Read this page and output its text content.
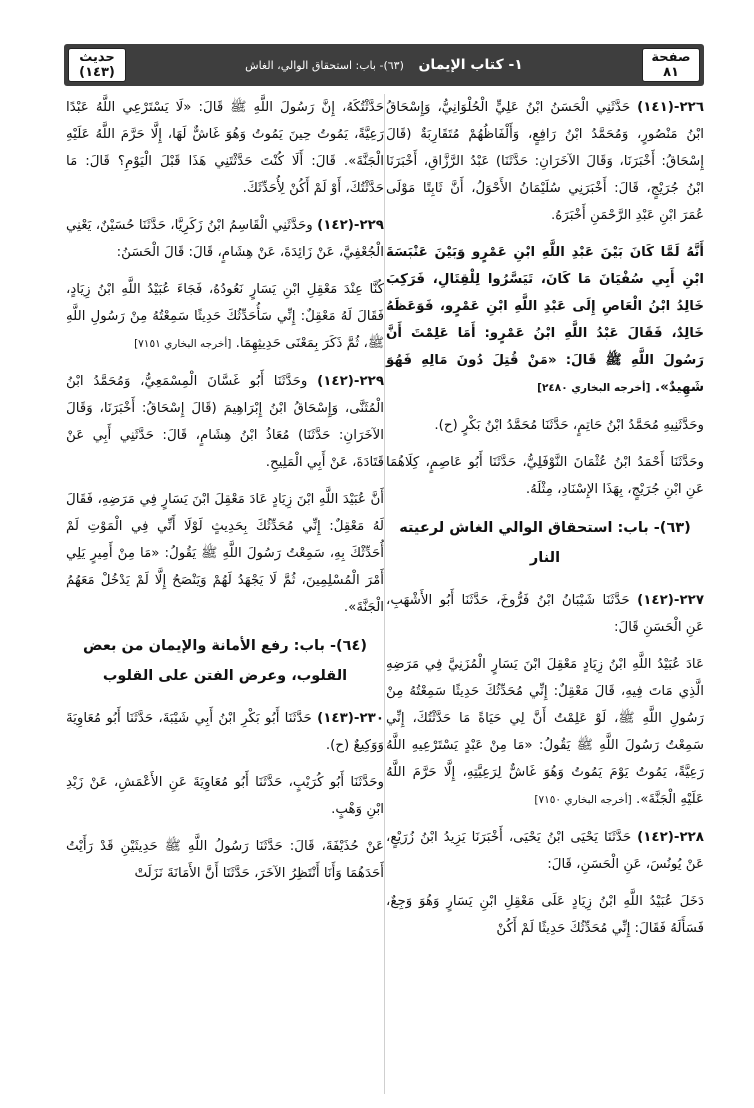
صفحة
٨١
١- كتاب الإيمان   (٦٣)- باب: استحقاق الوالي، الغاش
حديث
(١٤٣)

٢٢٦-(١٤١) حَدَّثَنِي الْحَسَنُ ابْنُ عَلِيٍّ الْحُلْوَانِيُّ، وَإِسْحَاقُ ابْنُ مَنْصُورٍ، وَمُحَمَّدُ ابْنُ رَافِعٍ، وَأَلْفَاظُهُمْ مُتَقَارِبَةٌ (قَالَ إِسْحَاقُ: أَخْبَرَنَا، وَقَالَ الآخَرَانِ: حَدَّثَنَا) عَبْدُ الرَّزَّاقِ، أَخْبَرَنَا ابْنُ جُرَيْجٍ، قَالَ: أَخْبَرَنِي سُلَيْمَانُ الأَحْوَلُ، أَنَّ ثَابِتًا مَوْلَى عُمَرَ ابْنِ عَبْدِ الرَّحْمَنِ أَخْبَرَهُ.

أَنَّهُ لَمَّا كَانَ بَيْنَ عَبْدِ اللَّهِ ابْنِ عَمْرٍو وَبَيْنَ عَنْبَسَةَ ابْنِ أَبِي سُفْيَانَ مَا كَانَ، تَيَسَّرُوا لِلْقِتَالِ، فَرَكِبَ خَالِدُ ابْنُ الْعَاصِ إِلَى عَبْدِ اللَّهِ ابْنِ عَمْرٍو، فَوَعَظَهُ خَالِدٌ، فَقَالَ عَبْدُ اللَّهِ ابْنُ عَمْرٍو: أَمَا عَلِمْتَ أَنَّ رَسُولَ اللَّهِ ﷺ قَالَ: «مَنْ قُتِلَ دُونَ مَالِهِ فَهُوَ شَهِيدٌ». [أخرجه البخاري ٢٤٨٠]

وحَدَّثَنِيهِ مُحَمَّدُ ابْنُ حَاتِمٍ، حَدَّثَنَا مُحَمَّدُ ابْنُ بَكْرٍ (ح).

وحَدَّثَنَا أَحْمَدُ ابْنُ عُثْمَانَ النَّوْفَلِيُّ، حَدَّثَنَا أَبُو عَاصِمٍ، كِلَاهُمَا عَنِ ابْنِ جُرَيْجٍ، بِهَذَا الإِسْنَادِ، مِثْلَهُ.

(٦٣)- باب: استحقاق الوالي الغاش لرعيته النار

٢٢٧-(١٤٢) حَدَّثَنَا شَيْبَانُ ابْنُ فَرُّوخَ، حَدَّثَنَا أَبُو الأَشْهَبِ، عَنِ الْحَسَنِ قَالَ:

عَادَ عُبَيْدُ اللَّهِ ابْنُ زِيَادٍ مَعْقِلَ ابْنَ يَسَارٍ الْمُزَنِيَّ فِي مَرَضِهِ الَّذِي مَاتَ فِيهِ، قَالَ مَعْقِلٌ: إِنِّي مُحَدِّثُكَ حَدِيثًا سَمِعْتُهُ مِنْ رَسُولِ اللَّهِ ﷺ، لَوْ عَلِمْتُ أَنَّ لِي حَيَاةً مَا حَدَّثْتُكَ، إِنِّي سَمِعْتُ رَسُولَ اللَّهِ ﷺ يَقُولُ: «مَا مِنْ عَبْدٍ يَسْتَرْعِيهِ اللَّهُ رَعِيَّةً، يَمُوتُ يَوْمَ يَمُوتُ وَهُوَ غَاشٌّ لِرَعِيَّتِهِ، إِلَّا حَرَّمَ اللَّهُ عَلَيْهِ الْجَنَّةَ». [أخرجه البخاري ٧١٥٠]

٢٢٨-(١٤٢) حَدَّثَنَا يَحْيَى ابْنُ يَحْيَى، أَخْبَرَنَا يَزِيدُ ابْنُ زُرَيْعٍ، عَنْ يُونُسَ، عَنِ الْحَسَنِ، قَالَ:

دَخَلَ عُبَيْدُ اللَّهِ ابْنُ زِيَادٍ عَلَى مَعْقِلِ ابْنِ يَسَارٍ وَهُوَ وَجِعٌ، فَسَأَلَهُ فَقَالَ: إِنِّي مُحَدِّثُكَ حَدِيثًا لَمْ أَكُنْ

حَدَّثْتُكَهُ، إِنَّ رَسُولَ اللَّهِ ﷺ قَالَ: «لَا يَسْتَرْعِي اللَّهُ عَبْدًا رَعِيَّةً، يَمُوتُ حِينَ يَمُوتُ وَهُوَ غَاشٌّ لَهَا، إِلَّا حَرَّمَ اللَّهُ عَلَيْهِ الْجَنَّةَ». قَالَ: أَلَا كُنْتَ حَدَّثْتَنِي هَذَا قَبْلَ الْيَوْمِ؟ قَالَ: مَا حَدَّثْتُكَ، أَوْ لَمْ أَكُنْ لِأُحَدِّثَكَ.

٢٢٩-(١٤٢) وحَدَّثَنِي الْقَاسِمُ ابْنُ زَكَرِيَّا، حَدَّثَنَا حُسَيْنٌ، يَعْنِي الْجُعْفِيَّ، عَنْ زَائِدَةَ، عَنْ هِشَامٍ، قَالَ: قَالَ الْحَسَنُ:

كُنَّا عِنْدَ مَعْقِلِ ابْنِ يَسَارٍ نَعُودُهُ، فَجَاءَ عُبَيْدُ اللَّهِ ابْنُ زِيَادٍ، فَقَالَ لَهُ مَعْقِلٌ: إِنِّي سَأُحَدِّثُكَ حَدِيثًا سَمِعْتُهُ مِنْ رَسُولِ اللَّهِ ﷺ، ثُمَّ ذَكَرَ بِمَعْنَى حَدِيثِهِمَا. [أخرجه البخاري ٧١٥١]

٢٢٩-(١٤٢) وحَدَّثَنَا أَبُو غَسَّانَ الْمِسْمَعِيُّ، وَمُحَمَّدُ ابْنُ الْمُثَنَّى، وَإِسْحَاقُ ابْنُ إِبْرَاهِيمَ (قَالَ إِسْحَاقُ: أَخْبَرَنَا، وَقَالَ الآخَرَانِ: حَدَّثَنَا) مُعَاذُ ابْنُ هِشَامٍ، قَالَ: حَدَّثَنِي أَبِي عَنْ قَتَادَةَ، عَنْ أَبِي الْمَلِيحِ.

أَنَّ عُبَيْدَ اللَّهِ ابْنَ زِيَادٍ عَادَ مَعْقِلَ ابْنَ يَسَارٍ فِي مَرَضِهِ، فَقَالَ لَهُ مَعْقِلٌ: إِنِّي مُحَدِّثُكَ بِحَدِيثٍ لَوْلَا أَنِّي فِي الْمَوْتِ لَمْ أُحَدِّثْكَ بِهِ، سَمِعْتُ رَسُولَ اللَّهِ ﷺ يَقُولُ: «مَا مِنْ أَمِيرٍ يَلِي أَمْرَ الْمُسْلِمِينَ، ثُمَّ لَا يَجْهَدُ لَهُمْ وَيَنْصَحُ إِلَّا لَمْ يَدْخُلْ مَعَهُمُ الْجَنَّةَ».

(٦٤)- باب: رفع الأمانة والإيمان من بعض القلوب، وعرض الفتن على القلوب

٢٣٠-(١٤٣) حَدَّثَنَا أَبُو بَكْرِ ابْنُ أَبِي شَيْبَةَ، حَدَّثَنَا أَبُو مُعَاوِيَةَ وَوَكِيعٌ (ح).

وحَدَّثَنَا أَبُو كُرَيْبٍ، حَدَّثَنَا أَبُو مُعَاوِيَةَ عَنِ الأَعْمَشِ، عَنْ زَيْدِ ابْنِ وَهْبٍ.

عَنْ حُذَيْفَةَ، قَالَ: حَدَّثَنَا رَسُولُ اللَّهِ ﷺ حَدِيثَيْنِ قَدْ رَأَيْتُ أَحَدَهُمَا وَأَنَا أَنْتَظِرُ الآخَرَ، حَدَّثَنَا أَنَّ الأَمَانَةَ نَزَلَتْ
